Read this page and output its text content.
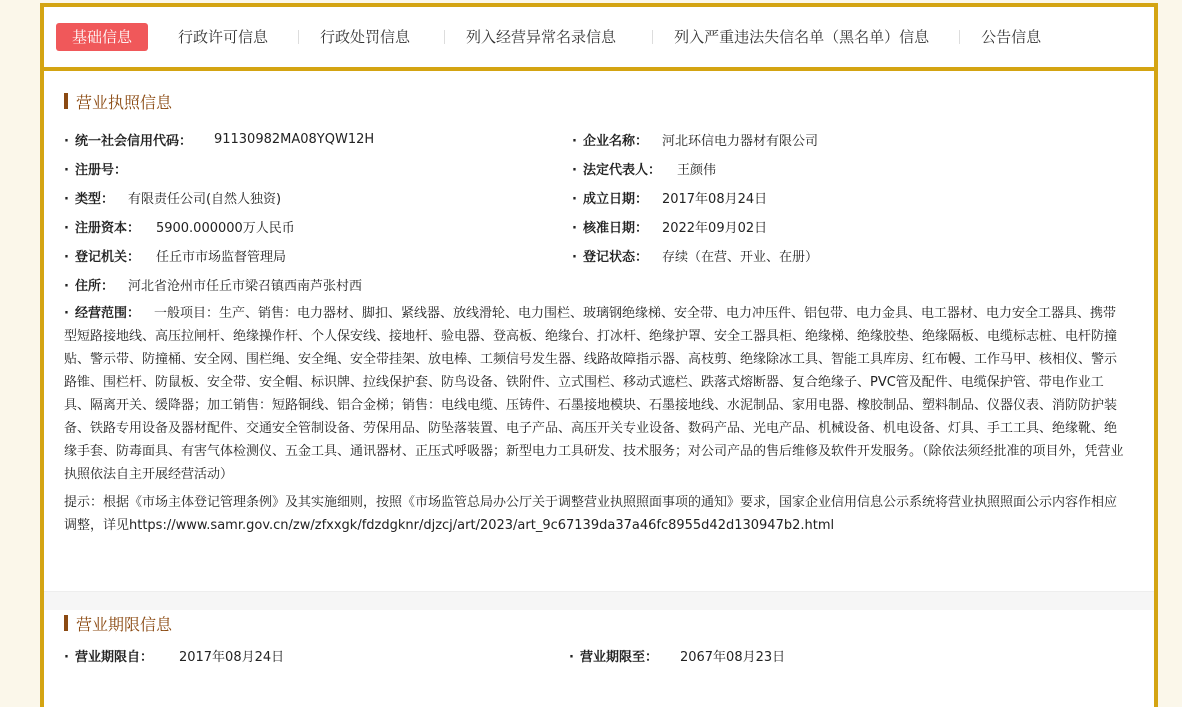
基础信息	行政许可信息	行政处罚信息	列入经营异常名录信息	列入严重违法失信名单（黑名单）信息	公告信息
营业执照信息
· 统一社会信用代码： 91130982MA08YQW12H	· 企业名称： 河北环信电力器材有限公司
· 注册号：	· 法定代表人： 王颜伟
· 类型： 有限责任公司(自然人独资)	· 成立日期： 2017年08月24日
· 注册资本： 5900.000000万人民币	· 核准日期： 2022年09月02日
· 登记机关： 任丘市市场监督管理局	· 登记状态： 存续（在营、开业、在册）
· 住所： 河北省沧州市任丘市梁召镇西南芦张村西
· 经营范围： 一般项目：生产、销售：电力器材、脚扣、紧线器、放线滑轮、电力围栏、玻璃钢绝缘梯、安全带、电力冲压件、铝包带、电力金具、电工器材、电力安全工器具、携带型短路接地线、高压拉闸杆、绝缘操作杆、个人保安线、接地杆、验电器、登高板、绝缘台、打冰杆、绝缘护罩、安全工器具柜、绝缘梯、绝缘胶垫、绝缘隔板、电缆标志桩、电杆防撞贴、警示带、防撞桶、安全网、围栏绳、安全绳、安全带挂架、放电棒、工频信号发生器、线路故障指示器、高枝剪、绝缘除冰工具、智能工具库房、红布幔、工作马甲、核相仪、警示路锥、围栏杆、防鼠板、安全带、安全帽、标识牌、拉线保护套、防鸟设备、铁附件、立式围栏、移动式遮栏、跌落式熔断器、复合绝缘子、PVC管及配件、电缆保护管、带电作业工具、隔离开关、缓降器；加工销售：短路铜线、铝合金梯；销售：电线电缆、压铸件、石墨接地模块、石墨接地线、水泥制品、家用电器、橡胶制品、塑料制品、仪器仪表、消防防护装备、铁路专用设备及器材配件、交通安全管制设备、劳保用品、防坠落装置、电子产品、高压开关专业设备、数码产品、光电产品、机械设备、机电设备、灯具、手工工具、绝缘靴、绝缘手套、防毒面具、有害气体检测仪、五金工具、通讯器材、正压式呼吸器；新型电力工具研发、技术服务；对公司产品的售后维修及软件开发服务。（除依法须经批准的项目外，凭营业执照依法自主开展经营活动）
提示：根据《市场主体登记管理条例》及其实施细则，按照《市场监管总局办公厅关于调整营业执照照面事项的通知》要求，国家企业信用信息公示系统将营业执照照面公示内容作相应调整，详见https://www.samr.gov.cn/zw/zfxxgk/fdzdgknr/djzcj/art/2023/art_9c67139da37a46fc8955d42d130947b2.html
营业期限信息
· 营业期限自： 2017年08月24日	· 营业期限至： 2067年08月23日
